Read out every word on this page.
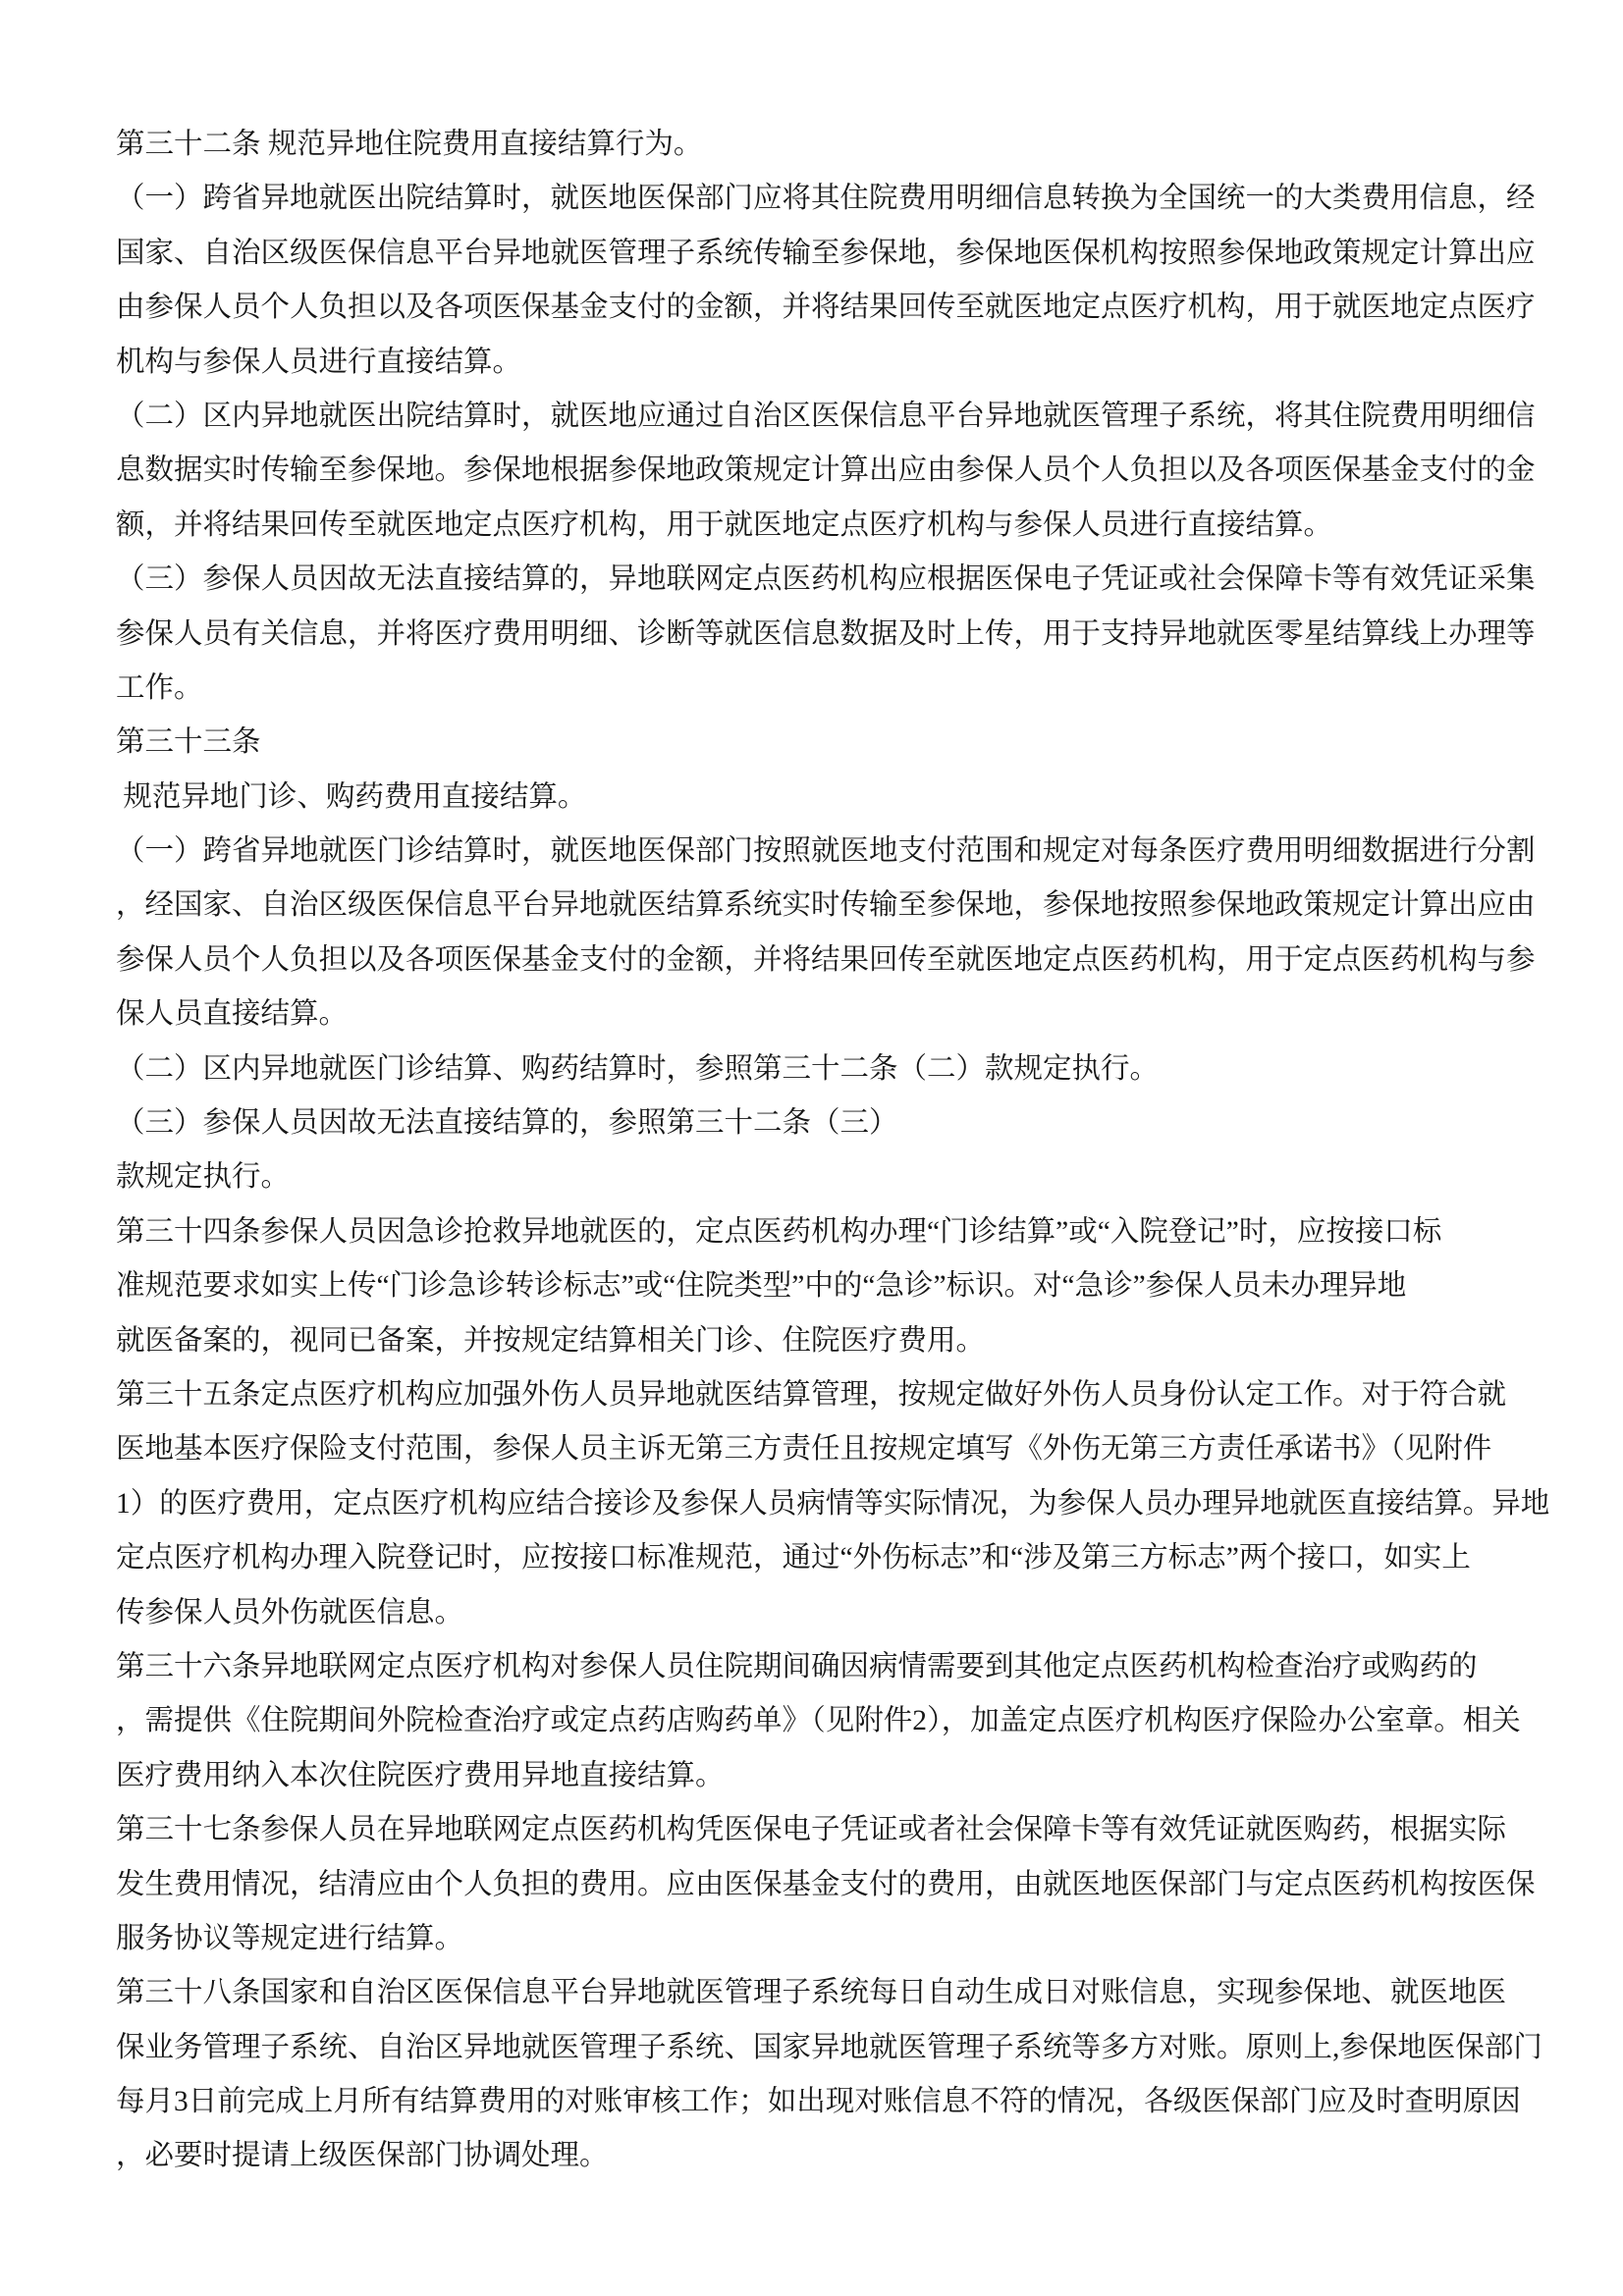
第三十二条 规范异地住院费用直接结算行为。
（一）跨省异地就医出院结算时，就医地医保部门应将其住院费用明细信息转换为全国统一的大类费用信息，经
国家、自治区级医保信息平台异地就医管理子系统传输至参保地，参保地医保机构按照参保地政策规定计算出应
由参保人员个人负担以及各项医保基金支付的金额，并将结果回传至就医地定点医疗机构，用于就医地定点医疗
机构与参保人员进行直接结算。
（二）区内异地就医出院结算时，就医地应通过自治区医保信息平台异地就医管理子系统，将其住院费用明细信
息数据实时传输至参保地。参保地根据参保地政策规定计算出应由参保人员个人负担以及各项医保基金支付的金
额，并将结果回传至就医地定点医疗机构，用于就医地定点医疗机构与参保人员进行直接结算。
（三）参保人员因故无法直接结算的，异地联网定点医药机构应根据医保电子凭证或社会保障卡等有效凭证采集
参保人员有关信息，并将医疗费用明细、诊断等就医信息数据及时上传，用于支持异地就医零星结算线上办理等
工作。
第三十三条
规范异地门诊、购药费用直接结算。
（一）跨省异地就医门诊结算时，就医地医保部门按照就医地支付范围和规定对每条医疗费用明细数据进行分割
，经国家、自治区级医保信息平台异地就医结算系统实时传输至参保地，参保地按照参保地政策规定计算出应由
参保人员个人负担以及各项医保基金支付的金额，并将结果回传至就医地定点医药机构，用于定点医药机构与参
保人员直接结算。
（二）区内异地就医门诊结算、购药结算时，参照第三十二条（二）款规定执行。
（三）参保人员因故无法直接结算的，参照第三十二条（三）
款规定执行。
第三十四条参保人员因急诊抢救异地就医的，定点医药机构办理“门诊结算”或“入院登记”时，应按接口标
准规范要求如实上传“门诊急诊转诊标志”或“住院类型”中的“急诊”标识。对“急诊”参保人员未办理异地
就医备案的，视同已备案，并按规定结算相关门诊、住院医疗费用。
第三十五条定点医疗机构应加强外伤人员异地就医结算管理，按规定做好外伤人员身份认定工作。对于符合就
医地基本医疗保险支付范围，参保人员主诉无第三方责任且按规定填写《外伤无第三方责任承诺书》（见附件
1）的医疗费用，定点医疗机构应结合接诊及参保人员病情等实际情况，为参保人员办理异地就医直接结算。异地
定点医疗机构办理入院登记时，应按接口标准规范，通过“外伤标志”和“涉及第三方标志”两个接口，如实上
传参保人员外伤就医信息。
第三十六条异地联网定点医疗机构对参保人员住院期间确因病情需要到其他定点医药机构检查治疗或购药的
，需提供《住院期间外院检查治疗或定点药店购药单》（见附件2），加盖定点医疗机构医疗保险办公室章。相关
医疗费用纳入本次住院医疗费用异地直接结算。
第三十七条参保人员在异地联网定点医药机构凭医保电子凭证或者社会保障卡等有效凭证就医购药，根据实际
发生费用情况，结清应由个人负担的费用。应由医保基金支付的费用，由就医地医保部门与定点医药机构按医保
服务协议等规定进行结算。
第三十八条国家和自治区医保信息平台异地就医管理子系统每日自动生成日对账信息，实现参保地、就医地医
保业务管理子系统、自治区异地就医管理子系统、国家异地就医管理子系统等多方对账。原则上,参保地医保部门
每月3日前完成上月所有结算费用的对账审核工作；如出现对账信息不符的情况，各级医保部门应及时查明原因
，必要时提请上级医保部门协调处理。
